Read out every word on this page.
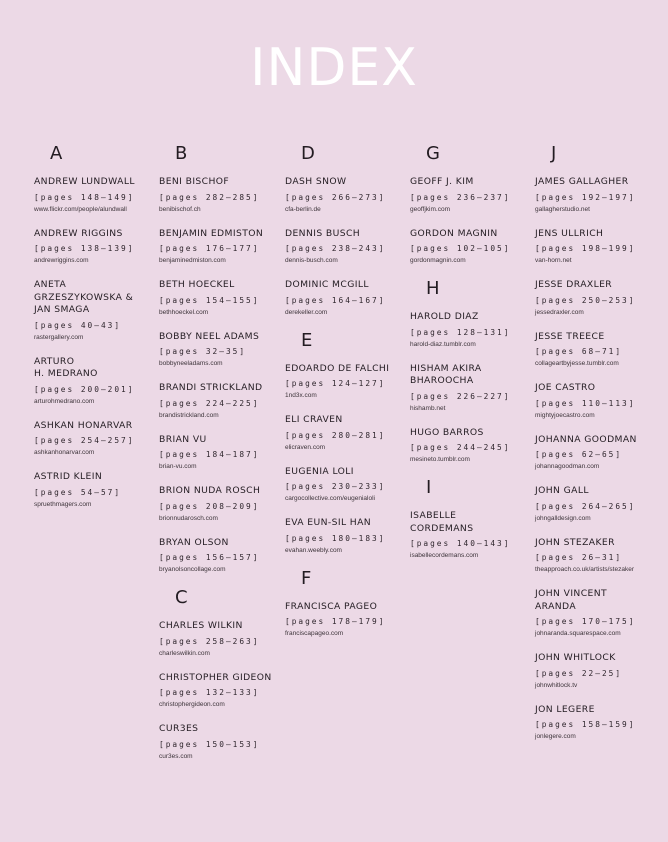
INDEX
A
ANDREW LUNDWALL
[pages 148–149]
www.flickr.com/people/alundwall
ANDREW RIGGINS
[pages 138–139]
andrewriggins.com
ANETA
GRZESZYKOWSKA &
JAN SMAGA
[pages 40–43]
rastergallery.com
ARTURO
H. MEDRANO
[pages 200–201]
arturohmedrano.com
ASHKAN HONARVAR
[pages 254–257]
ashkanhonarvar.com
ASTRID KLEIN
[pages 54–57]
spruethmagers.com
B
BENI BISCHOF
[pages 282–285]
benibischof.ch
BENJAMIN EDMISTON
[pages 176–177]
benjaminedmiston.com
BETH HOECKEL
[pages 154–155]
bethhoeckel.com
BOBBY NEEL ADAMS
[pages 32–35]
bobbyneeladams.com
BRANDI STRICKLAND
[pages 224–225]
brandistrickland.com
BRIAN VU
[pages 184–187]
brian-vu.com
BRION NUDA ROSCH
[pages 208–209]
brionnudarosch.com
BRYAN OLSON
[pages 156–157]
bryanolsoncollage.com
C
CHARLES WILKIN
[pages 258–263]
charleswilkin.com
CHRISTOPHER GIDEON
[pages 132–133]
christophergideon.com
CUR3ES
[pages 150–153]
cur3es.com
D
DASH SNOW
[pages 266–273]
cfa-berlin.de
DENNIS BUSCH
[pages 238–243]
dennis-busch.com
DOMINIC MCGILL
[pages 164–167]
derekeller.com
E
EDOARDO DE FALCHI
[pages 124–127]
1nd3x.com
ELI CRAVEN
[pages 280–281]
elicraven.com
EUGENIA LOLI
[pages 230–233]
cargocollective.com/eugenialoli
EVA EUN-SIL HAN
[pages 180–183]
evahan.weebly.com
F
FRANCISCA PAGEO
[pages 178–179]
franciscapageo.com
G
GEOFF J. KIM
[pages 236–237]
geoffjkim.com
GORDON MAGNIN
[pages 102–105]
gordonmagnin.com
H
HAROLD DIAZ
[pages 128–131]
harold-diaz.tumblr.com
HISHAM AKIRA
BHAROOCHA
[pages 226–227]
hishamb.net
HUGO BARROS
[pages 244–245]
mesineto.tumblr.com
I
ISABELLE
CORDEMANS
[pages 140–143]
isabellecordemans.com
J
JAMES GALLAGHER
[pages 192–197]
gallagherstudio.net
JENS ULLRICH
[pages 198–199]
van-horn.net
JESSE DRAXLER
[pages 250–253]
jessedraxler.com
JESSE TREECE
[pages 68–71]
collageartbyjesse.tumblr.com
JOE CASTRO
[pages 110–113]
mightyjoecastro.com
JOHANNA GOODMAN
[pages 62–65]
johannagoodman.com
JOHN GALL
[pages 264–265]
johngalldesign.com
JOHN STEZAKER
[pages 26–31]
theapproach.co.uk/artists/stezaker
JOHN VINCENT
ARANDA
[pages 170–175]
johnaranda.squarespace.com
JOHN WHITLOCK
[pages 22–25]
johnwhitlock.tv
JON LEGERE
[pages 158–159]
jonlegere.com
